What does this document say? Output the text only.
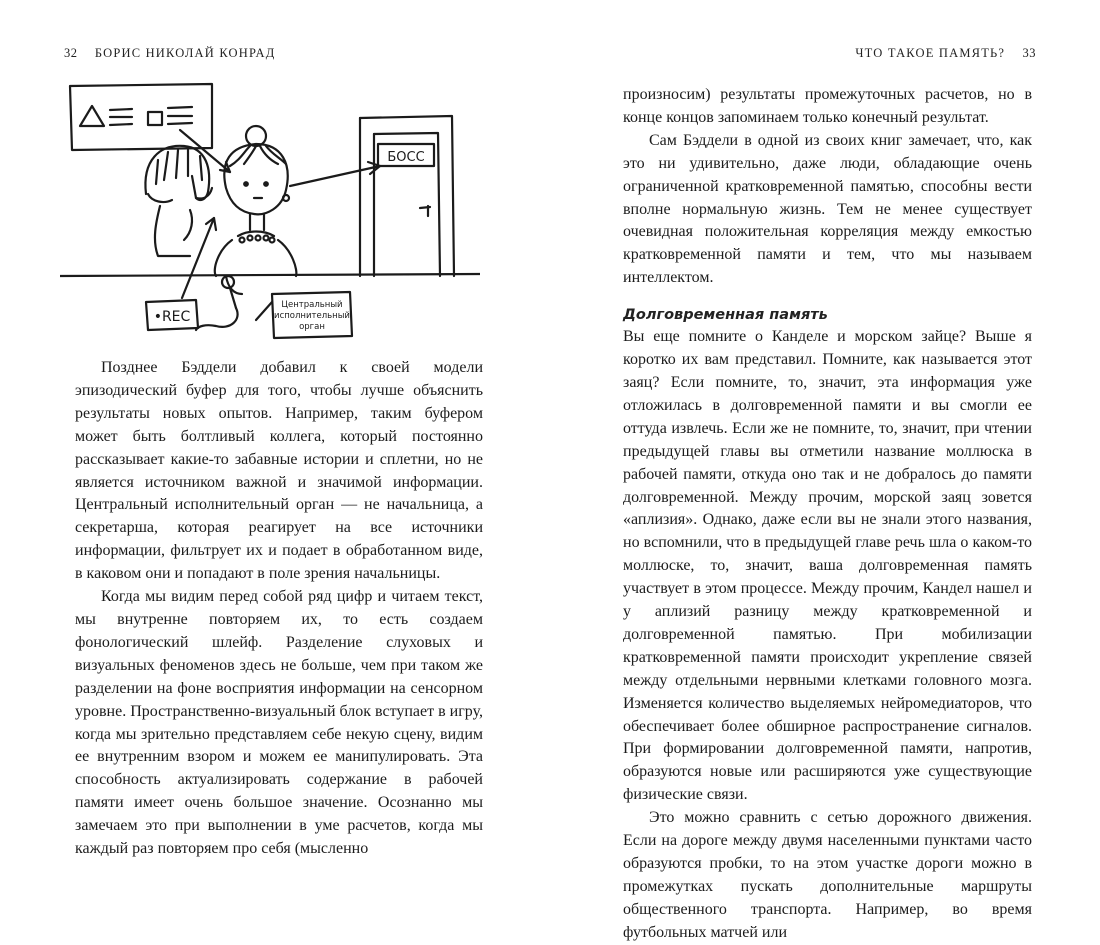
32 БОРИС НИКОЛАЙ КОНРАД
БОСС
•REC
Центральный
исполнительный
орган

Позднее Бэддели добавил к своей модели эпизодический буфер для того, чтобы лучше объяснить результаты новых опытов. Например, таким буфером может быть болтливый коллега, который постоянно рассказывает какие-то забавные истории и сплетни, но не является источником важной и значимой информации. Центральный исполнительный орган — не начальница, а секретарша, которая реагирует на все источники информации, фильтрует их и подает в обработанном виде, в каковом они и попадают в поле зрения начальницы.

Когда мы видим перед собой ряд цифр и читаем текст, мы внутренне повторяем их, то есть создаем фонологический шлейф. Разделение слуховых и визуальных феноменов здесь не больше, чем при таком же разделении на фоне восприятия информации на сенсорном уровне. Пространственно-визуальный блок вступает в игру, когда мы зрительно представляем себе некую сцену, видим ее внутренним взором и можем ее манипулировать. Эта способность актуализировать содержание в рабочей памяти имеет очень большое значение. Осознанно мы замечаем это при выполнении в уме расчетов, когда мы каждый раз повторяем про себя (мысленно

ЧТО ТАКОЕ ПАМЯТЬ? 33

произносим) результаты промежуточных расчетов, но в конце концов запоминаем только конечный результат.

Сам Бэддели в одной из своих книг замечает, что, как это ни удивительно, даже люди, обладающие очень ограниченной кратковременной памятью, способны вести вполне нормальную жизнь. Тем не менее существует очевидная положительная корреляция между емкостью кратковременной памяти и тем, что мы называем интеллектом.

Долговременная память

Вы еще помните о Канделе и морском зайце? Выше я коротко их вам представил. Помните, как называется этот заяц? Если помните, то, значит, эта информация уже отложилась в долговременной памяти и вы смогли ее оттуда извлечь. Если же не помните, то, значит, при чтении предыдущей главы вы отметили название моллюска в рабочей памяти, откуда оно так и не добралось до памяти долговременной. Между прочим, морской заяц зовется «аплизия». Однако, даже если вы не знали этого названия, но вспомнили, что в предыдущей главе речь шла о каком-то моллюске, то, значит, ваша долговременная память участвует в этом процессе. Между прочим, Кандел нашел и у аплизий разницу между кратковременной и долговременной памятью. При мобилизации кратковременной памяти происходит укрепление связей между отдельными нервными клетками головного мозга. Изменяется количество выделяемых нейромедиаторов, что обеспечивает более обширное распространение сигналов. При формировании долговременной памяти, напротив, образуются новые или расширяются уже существующие физические связи.

Это можно сравнить с сетью дорожного движения. Если на дороге между двумя населенными пунктами часто образуются пробки, то на этом участке дороги можно в промежутках пускать дополнительные маршруты общественного транспорта. Например, во время футбольных матчей или
